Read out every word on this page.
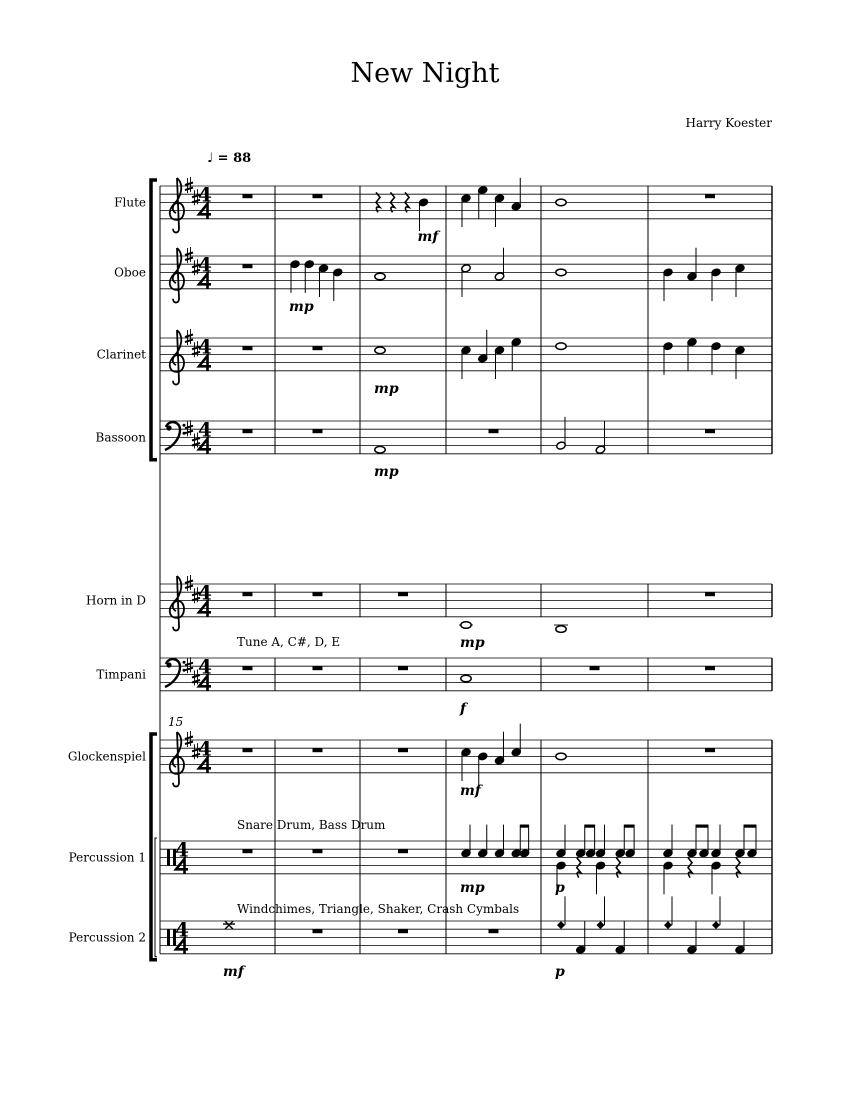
New Night
Harry Koester
♩ = 88
Flute	4
mf
Oboe	4
mp
Clarinet	4
mp
Bassoon	4
mp
Horn in D	4
mp
Timpani	4
Tune A, C#, D, E
f
Glockenspiel
15
4
mf
Percussion 1 4
Snare Drum, Bass Drum
mp	p
Percussion 2 4
Windchimes, Triangle, Shaker, Crash Cymbals
mf	p
